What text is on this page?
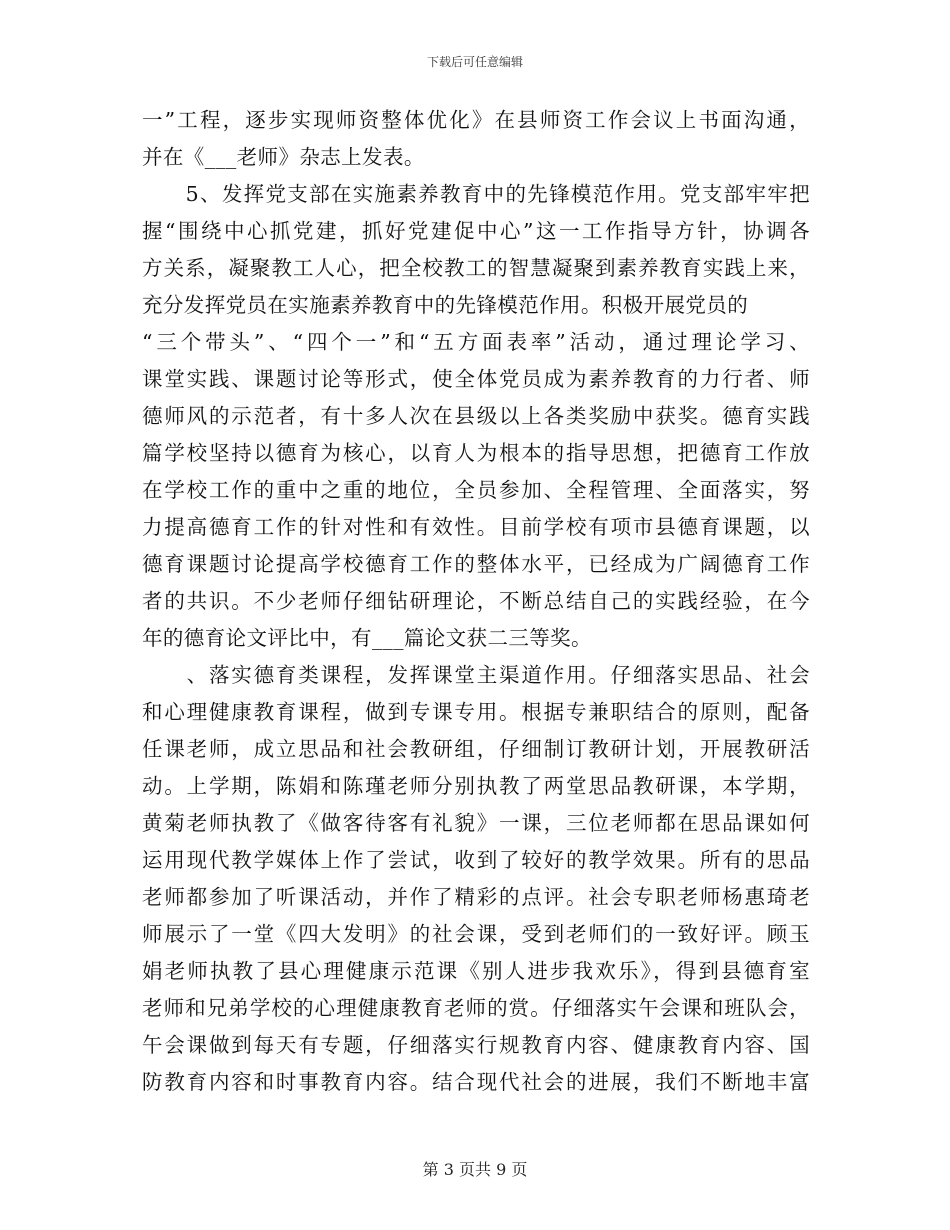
下载后可任意编辑
一”工程，逐步实现师资整体优化》在县师资工作会议上书面沟通，
并在《___老师》杂志上发表。
　　5、发挥党支部在实施素养教育中的先锋模范作用。党支部牢牢把
握“围绕中心抓党建，抓好党建促中心”这一工作指导方针，协调各
方关系，凝聚教工人心，把全校教工的智慧凝聚到素养教育实践上来，
充分发挥党员在实施素养教育中的先锋模范作用。积极开展党员的
“三个带头”、“四个一”和“五方面表率”活动，通过理论学习、
课堂实践、课题讨论等形式，使全体党员成为素养教育的力行者、师
德师风的示范者，有十多人次在县级以上各类奖励中获奖。德育实践
篇学校坚持以德育为核心，以育人为根本的指导思想，把德育工作放
在学校工作的重中之重的地位，全员参加、全程管理、全面落实，努
力提高德育工作的针对性和有效性。目前学校有项市县德育课题，以
德育课题讨论提高学校德育工作的整体水平，已经成为广阔德育工作
者的共识。不少老师仔细钻研理论，不断总结自己的实践经验，在今
年的德育论文评比中，有___篇论文获二三等奖。
　　、落实德育类课程，发挥课堂主渠道作用。仔细落实思品、社会
和心理健康教育课程，做到专课专用。根据专兼职结合的原则，配备
任课老师，成立思品和社会教研组，仔细制订教研计划，开展教研活
动。上学期，陈娟和陈瑾老师分别执教了两堂思品教研课，本学期，
黄菊老师执教了《做客待客有礼貌》一课，三位老师都在思品课如何
运用现代教学媒体上作了尝试，收到了较好的教学效果。所有的思品
老师都参加了听课活动，并作了精彩的点评。社会专职老师杨惠琦老
师展示了一堂《四大发明》的社会课，受到老师们的一致好评。顾玉
娟老师执教了县心理健康示范课《别人进步我欢乐》，得到县德育室
老师和兄弟学校的心理健康教育老师的赏。仔细落实午会课和班队会，
午会课做到每天有专题，仔细落实行规教育内容、健康教育内容、国
防教育内容和时事教育内容。结合现代社会的进展，我们不断地丰富
第 3 页共 9 页
